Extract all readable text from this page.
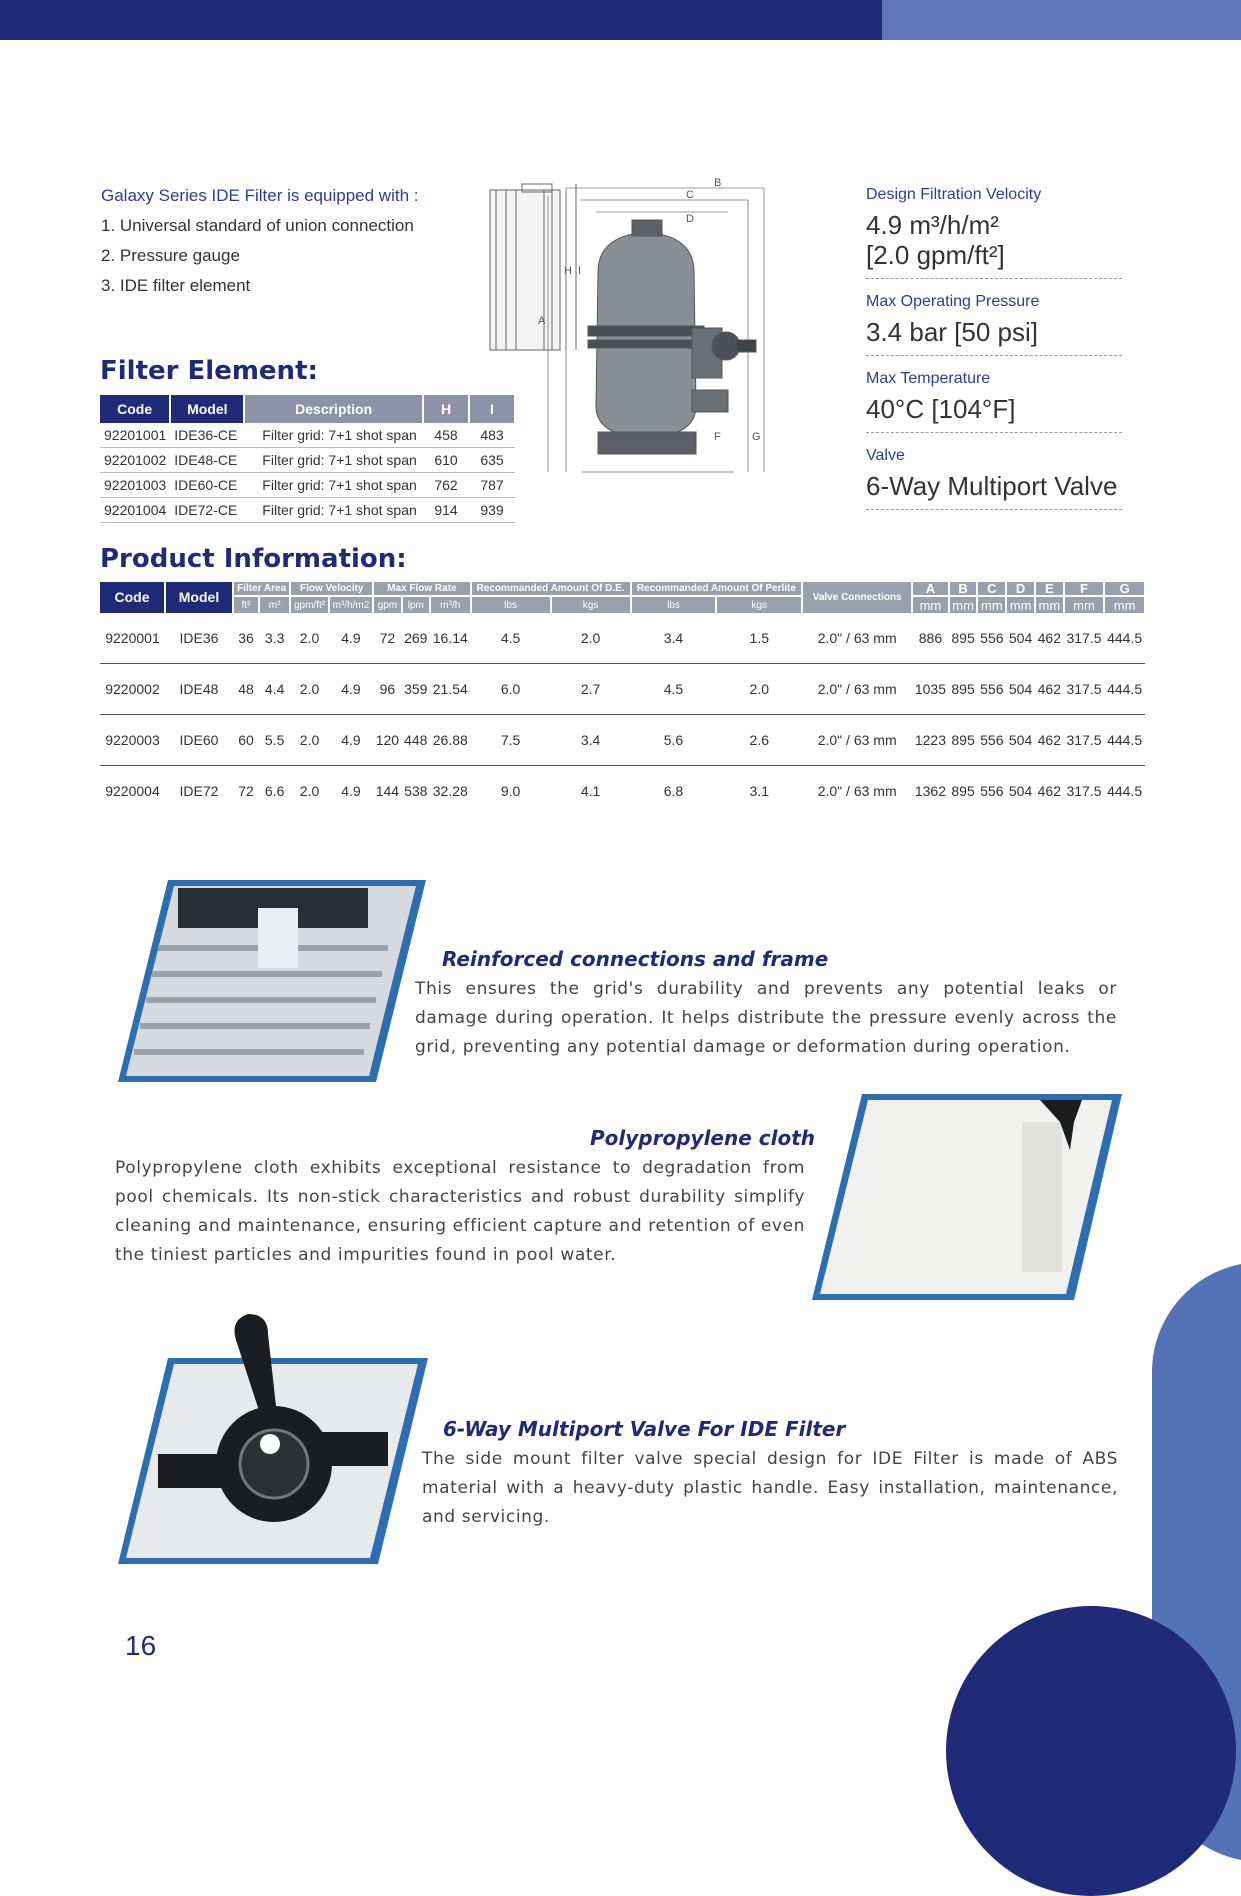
Galaxy Series IDE Filter is equipped with :
1. Universal standard of union connection
2. Pressure gauge
3. IDE filter element
H I
B
C
D
A
F	G
Design Filtration Velocity
4.9 m³/h/m²
[2.0 gpm/ft²]
Max Operating Pressure
3.4 bar [50 psi]
Max Temperature
40°C [104°F]
Valve
6-Way Multiport Valve
Filter Element:
Code	Model	Description	H	I
92201001	IDE36-CE	Filter grid: 7+1 shot span	458	483
92201002	IDE48-CE	Filter grid: 7+1 shot span	610	635
92201003	IDE60-CE	Filter grid: 7+1 shot span	762	787
92201004	IDE72-CE	Filter grid: 7+1 shot span	914	939
Product Information:
Code	Model	Filter Area		Flow Velocity		Max Flow Rate			Recommanded Amount Of D.E.		Recommanded Amount Of Perlite		Valve Connections	A	B	C	D	E	F	G
		ft²	m²	gpm/ft²	m³/h/m2	gpm	lpm	m³/h	lbs	kgs	lbs	kgs		mm	mm	mm	mm	mm	mm	mm
9220001	IDE36	36	3.3	2.0	4.9	72	269	16.14	4.5	2.0	3.4	1.5	2.0" / 63 mm	886	895	556	504	462	317.5	444.5
9220002	IDE48	48	4.4	2.0	4.9	96	359	21.54	6.0	2.7	4.5	2.0	2.0" / 63 mm	1035	895	556	504	462	317.5	444.5
9220003	IDE60	60	5.5	2.0	4.9	120	448	26.88	7.5	3.4	5.6	2.6	2.0" / 63 mm	1223	895	556	504	462	317.5	444.5
9220004	IDE72	72	6.6	2.0	4.9	144	538	32.28	9.0	4.1	6.8	3.1	2.0" / 63 mm	1362	895	556	504	462	317.5	444.5
Reinforced connections and frame
This ensures the grid's durability and prevents any potential leaks or damage during operation. It helps distribute the pressure evenly across the grid, preventing any potential damage or deformation during operation.
Polypropylene cloth
Polypropylene cloth exhibits exceptional resistance to degradation from pool chemicals. Its non-stick characteristics and robust durability simplify cleaning and maintenance, ensuring efficient capture and retention of even the tiniest particles and impurities found in pool water.
6-Way Multiport Valve For IDE Filter
The side mount filter valve special design for IDE Filter is made of ABS material with a heavy-duty plastic handle. Easy installation, maintenance, and servicing.
16
